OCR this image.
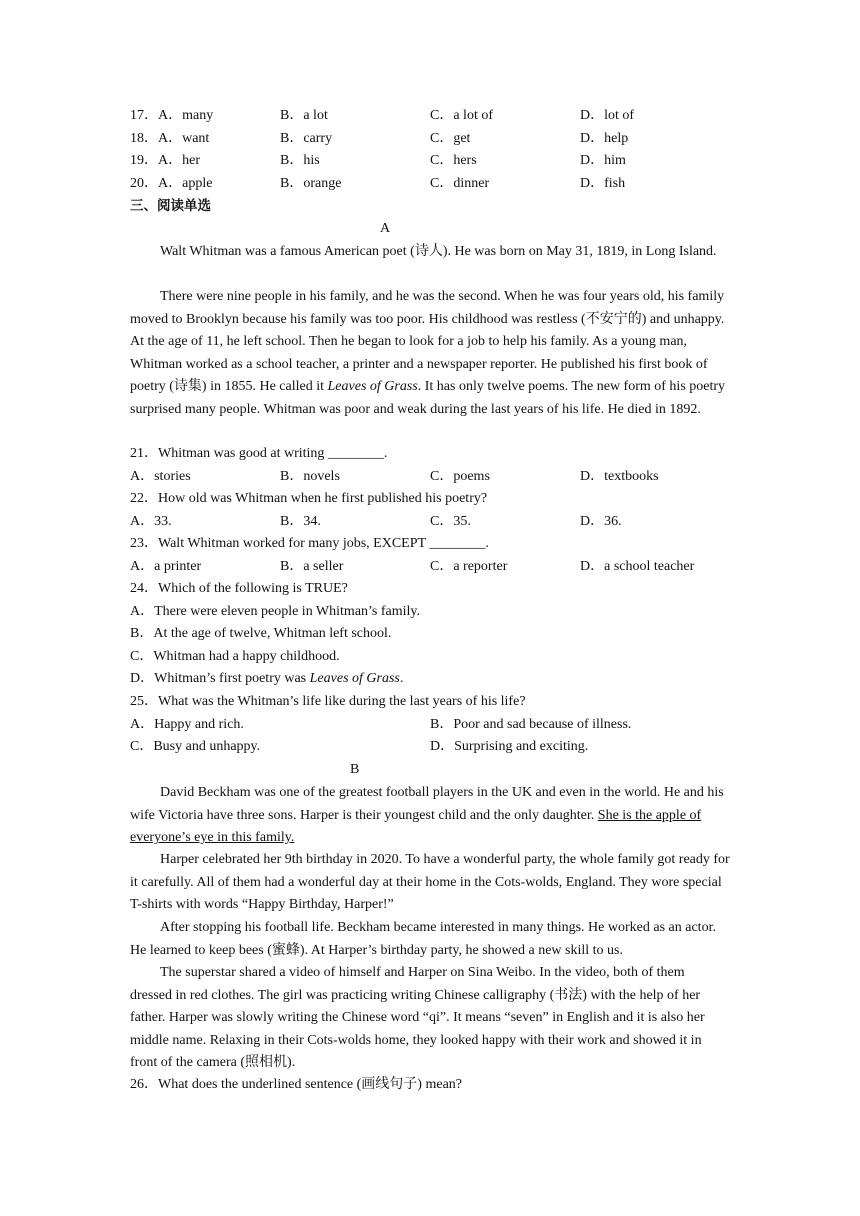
17．A．many	B．a lot	C．a lot of	D．lot of
18．A．want	B．carry	C．get	D．help
19．A．her	B．his	C．hers	D．him
20．A．apple	B．orange	C．dinner	D．fish
三、阅读单选
A
Walt Whitman was a famous American poet (诗人). He was born on May 31, 1819, in Long Island.
There were nine people in his family, and he was the second. When he was four years old, his family moved to Brooklyn because his family was too poor. His childhood was restless (不安宁的) and unhappy. At the age of 11, he left school. Then he began to look for a job to help his family. As a young man, Whitman worked as a school teacher, a printer and a newspaper reporter. He published his first book of poetry (诗集) in 1855. He called it Leaves of Grass. It has only twelve poems. The new form of his poetry surprised many people. Whitman was poor and weak during the last years of his life. He died in 1892.
21．Whitman was good at writing ________.
A．stories	B．novels	C．poems	D．textbooks
22．How old was Whitman when he first published his poetry?
A．33.	B．34.	C．35.	D．36.
23．Walt Whitman worked for many jobs, EXCEPT ________.
A．a printer	B．a seller	C．a reporter	D．a school teacher
24．Which of the following is TRUE?
A．There were eleven people in Whitman’s family.
B．At the age of twelve, Whitman left school.
C．Whitman had a happy childhood.
D．Whitman’s first poetry was Leaves of Grass.
25．What was the Whitman’s life like during the last years of his life?
A．Happy and rich.	B．Poor and sad because of illness.
C．Busy and unhappy.	D．Surprising and exciting.
B
David Beckham was one of the greatest football players in the UK and even in the world. He and his wife Victoria have three sons. Harper is their youngest child and the only daughter. She is the apple of everyone’s eye in this family.
Harper celebrated her 9th birthday in 2020. To have a wonderful party, the whole family got ready for it carefully. All of them had a wonderful day at their home in the Cots-wolds, England. They wore special T-shirts with words “Happy Birthday, Harper!”
After stopping his football life. Beckham became interested in many things. He worked as an actor. He learned to keep bees (蜜蜂). At Harper’s birthday party, he showed a new skill to us.
The superstar shared a video of himself and Harper on Sina Weibo. In the video, both of them dressed in red clothes. The girl was practicing writing Chinese calligraphy (书法) with the help of her father. Harper was slowly writing the Chinese word “qi”. It means “seven” in English and it is also her middle name. Relaxing in their Cots-wolds home, they looked happy with their work and showed it in front of the camera (照相机).
26．What does the underlined sentence (画线句子) mean?
